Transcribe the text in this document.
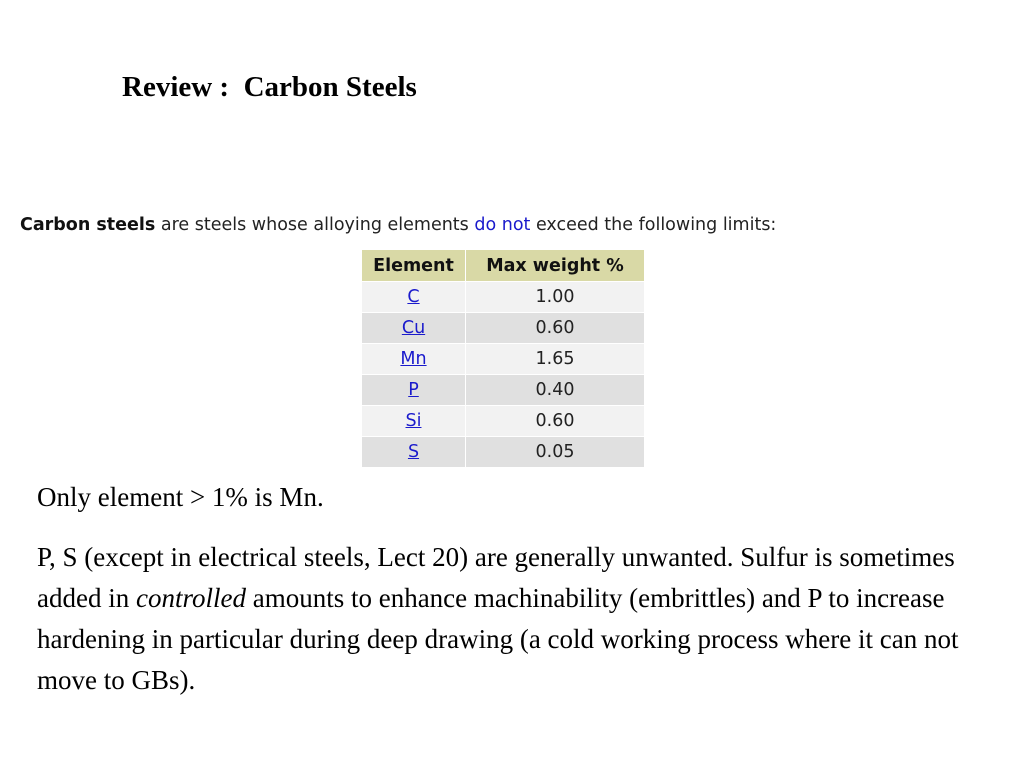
Review :  Carbon Steels
Carbon steels are steels whose alloying elements do not exceed the following limits:
Element	Max weight %
C	1.00
Cu	0.60
Mn	1.65
P	0.40
Si	0.60
S	0.05

Only element > 1% is Mn.

P, S (except in electrical steels, Lect 20) are generally unwanted. Sulfur is sometimes added in controlled amounts to enhance machinability (embrittles) and P to increase hardening in particular during deep drawing (a cold working process where it can not move to GBs).
